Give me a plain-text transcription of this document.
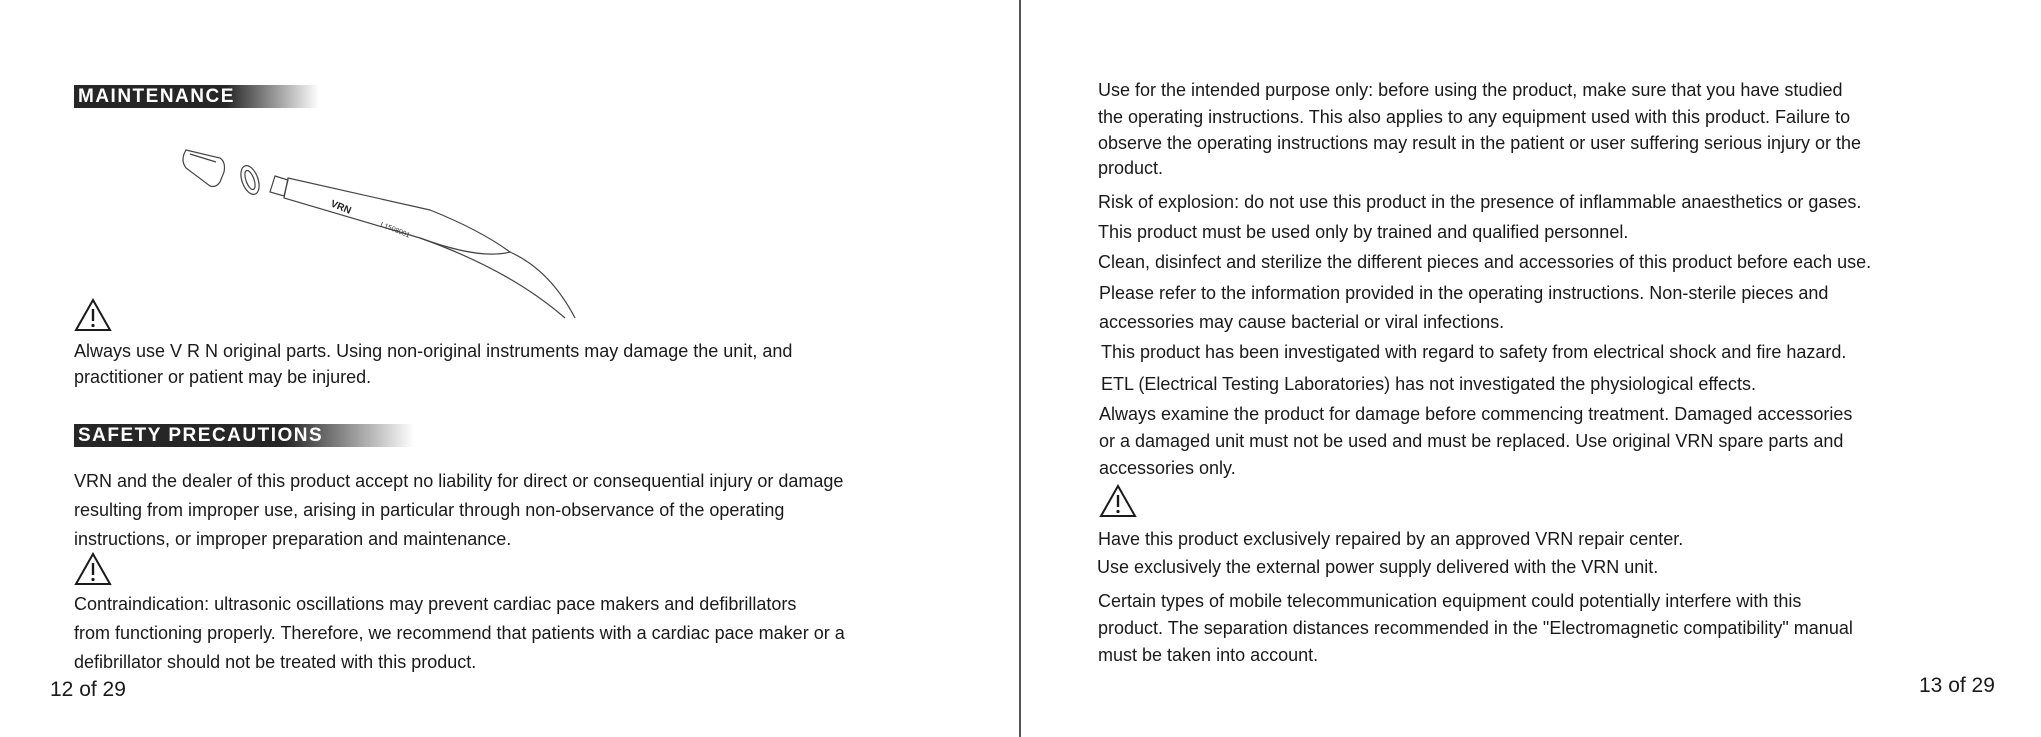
MAINTENANCE
VRN
L1508001
Always use V R N original parts. Using non-original instruments may damage the unit, and
practitioner or patient may be injured.
SAFETY PRECAUTIONS
VRN and the dealer of this product accept no liability for direct or consequential injury or damage
resulting from improper use, arising in particular through non-observance of the operating
instructions, or improper preparation and maintenance.
Contraindication: ultrasonic oscillations may prevent cardiac pace makers and defibrillators
from functioning properly. Therefore, we recommend that patients with a cardiac pace maker or a
defibrillator should not be treated with this product.
12 of 29
Use for the intended purpose only: before using the product, make sure that you have studied
the operating instructions. This also applies to any equipment used with this product. Failure to
observe the operating instructions may result in the patient or user suffering serious injury or the
product.
Risk of explosion: do not use this product in the presence of inflammable anaesthetics or gases.
This product must be used only by trained and qualified personnel.
Clean, disinfect and sterilize the different pieces and accessories of this product before each use.
Please refer to the information provided in the operating instructions. Non-sterile pieces and
accessories may cause bacterial or viral infections.
This product has been investigated with regard to safety from electrical shock and fire hazard.
ETL (Electrical Testing Laboratories) has not investigated the physiological effects.
Always examine the product for damage before commencing treatment. Damaged accessories
or a damaged unit must not be used and must be replaced. Use original VRN spare parts and
accessories only.
Have this product exclusively repaired by an approved VRN repair center.
Use exclusively the external power supply delivered with the VRN unit.
Certain types of mobile telecommunication equipment could potentially interfere with this
product. The separation distances recommended in the "Electromagnetic compatibility" manual
must be taken into account.
13 of 29
